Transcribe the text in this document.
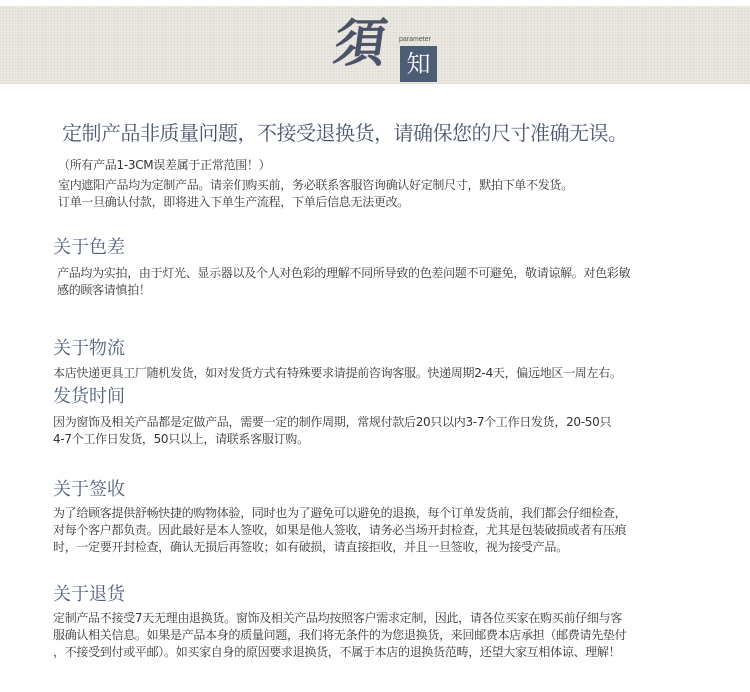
須 parameter
知
定制产品非质量问题，不接受退换货，请确保您的尺寸准确无误。
（所有产品1-3CM误差属于正常范围！）
室内遮阳产品均为定制产品。请亲们购买前，务必联系客服咨询确认好定制尺寸，默拍下单不发货。
订单一旦确认付款，即将进入下单生产流程，下单后信息无法更改。
关于色差
产品均为实拍，由于灯光、显示器以及个人对色彩的理解不同所导致的色差问题不可避免，敬请谅解。对色彩敏
感的顾客请慎拍！
关于物流
本店快递更具工厂随机发货，如对发货方式有特殊要求请提前咨询客服。快递周期2-4天，偏远地区一周左右。
发货时间
因为窗饰及相关产品都是定做产品，需要一定的制作周期，常规付款后20只以内3-7个工作日发货，20-50只
4-7个工作日发货，50只以上，请联系客服订购。
关于签收
为了给顾客提供舒畅快捷的购物体验，同时也为了避免可以避免的退换，每个订单发货前，我们都会仔细检查，
对每个客户都负责。因此最好是本人签收，如果是他人签收，请务必当场开封检查，尤其是包装破损或者有压痕
时，一定要开封检查，确认无损后再签收；如有破损，请直接拒收，并且一旦签收，视为接受产品。
关于退货
定制产品不接受7天无理由退换货。窗饰及相关产品均按照客户需求定制，因此，请各位买家在购买前仔细与客
服确认相关信息。如果是产品本身的质量问题，我们将无条件的为您退换货，来回邮费本店承担（邮费请先垫付
，不接受到付或平邮）。如买家自身的原因要求退换货，不属于本店的退换货范畴，还望大家互相体谅、理解！
